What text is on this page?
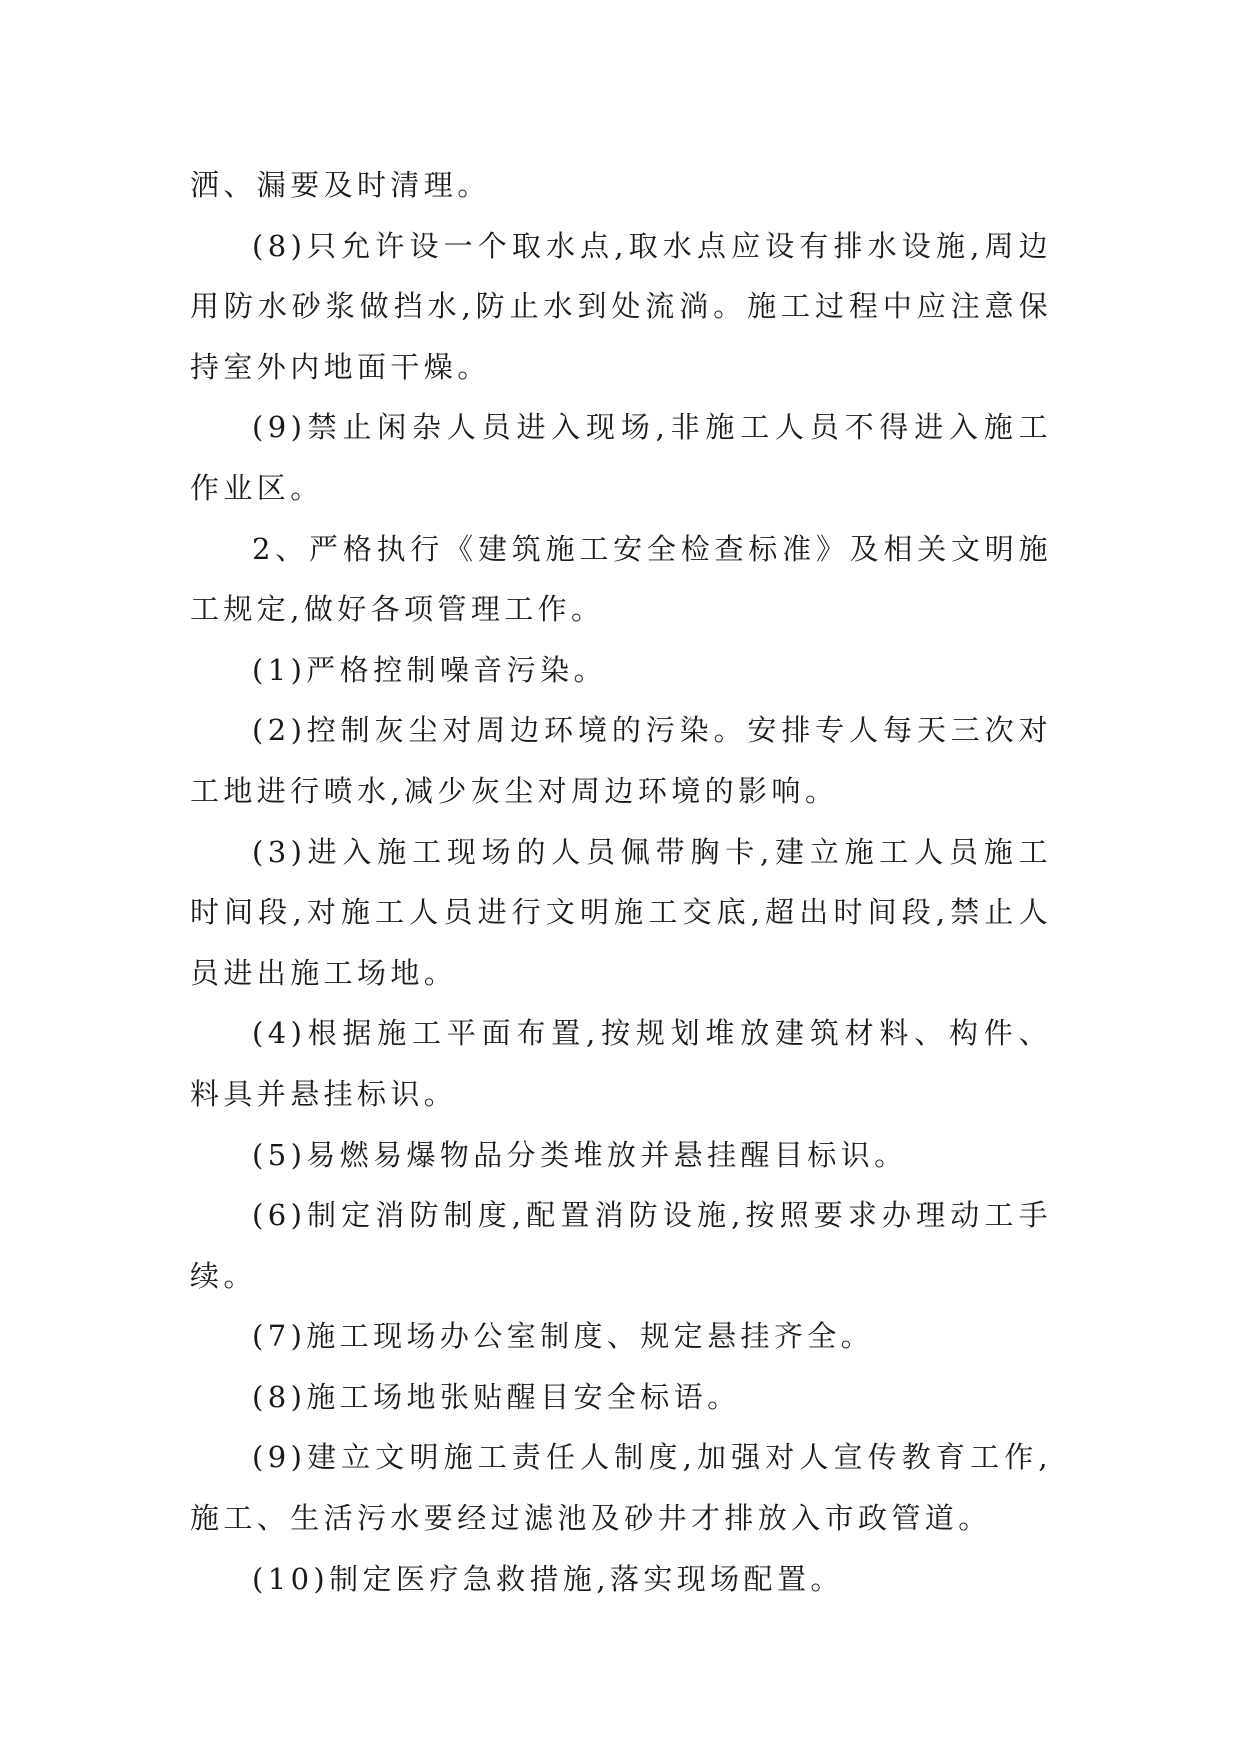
洒、漏要及时清理。

(8)只允许设一个取水点,取水点应设有排水设施,周边用防水砂浆做挡水,防止水到处流淌。施工过程中应注意保持室外内地面干燥。

(9)禁止闲杂人员进入现场,非施工人员不得进入施工作业区。

2、严格执行《建筑施工安全检查标准》及相关文明施工规定,做好各项管理工作。

(1)严格控制噪音污染。

(2)控制灰尘对周边环境的污染。安排专人每天三次对工地进行喷水,减少灰尘对周边环境的影响。

(3)进入施工现场的人员佩带胸卡,建立施工人员施工时间段,对施工人员进行文明施工交底,超出时间段,禁止人员进出施工场地。

(4)根据施工平面布置,按规划堆放建筑材料、构件、料具并悬挂标识。

(5)易燃易爆物品分类堆放并悬挂醒目标识。

(6)制定消防制度,配置消防设施,按照要求办理动工手续。

(7)施工现场办公室制度、规定悬挂齐全。

(8)施工场地张贴醒目安全标语。

(9)建立文明施工责任人制度,加强对人宣传教育工作,施工、生活污水要经过滤池及砂井才排放入市政管道。

(10)制定医疗急救措施,落实现场配置。
